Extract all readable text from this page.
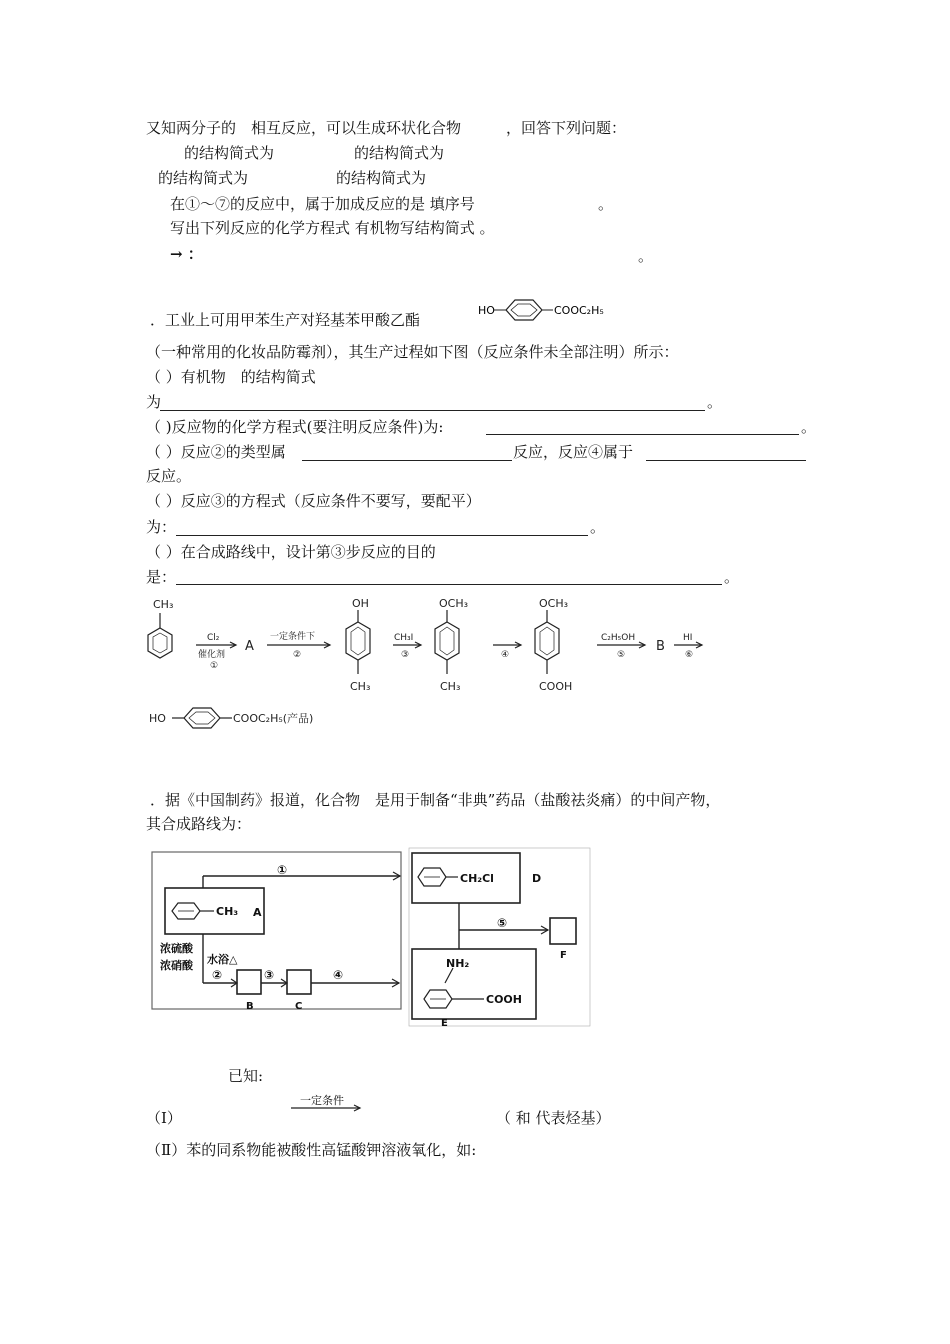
又知两分子的　相互反应，可以生成环状化合物　　　，回答下列问题：
的结构简式为	的结构简式为
的结构简式为	的结构简式为
在①～⑦的反应中，属于加成反应的是 填序号	。
写出下列反应的化学方程式 有机物写结构简式 。
→ ：	。
．工业上可用甲苯生产对羟基苯甲酸乙酯
HO	COOC₂H₅
（一种常用的化妆品防霉剂），其生产过程如下图（反应条件未全部注明）所示：
（ ）有机物　的结构简式
为	。
（ )反应物的化学方程式(要注明反应条件)为:	。
（ ）反应②的类型属	反应，反应④属于
反应。
（ ）反应③的方程式（反应条件不要写，要配平）
为：	。
（ ）在合成路线中，设计第③步反应的目的
是：	。
CH₃
Cl₂
催化剂
①
A
一定条件下
②
OH
CH₃
CH₃I
③
OCH₃
CH₃
④
OCH₃
COOH
C₂H₅OH
⑤
B
HI
⑥
HO	COOC₂H₅(产品)
．据《中国制药》报道，化合物　是用于制备“非典”药品（盐酸祛炎痛）的中间产物，
其合成路线为：
①
CH₃ A
浓硫酸
浓硝酸 水浴△
②	③	④
B	C
CH₂Cl	D
⑤
F
NH₂
COOH
E
已知:
一定条件
（Ⅰ）	（ 和 代表烃基）
（Ⅱ）苯的同系物能被酸性高锰酸钾溶液氧化，如:
